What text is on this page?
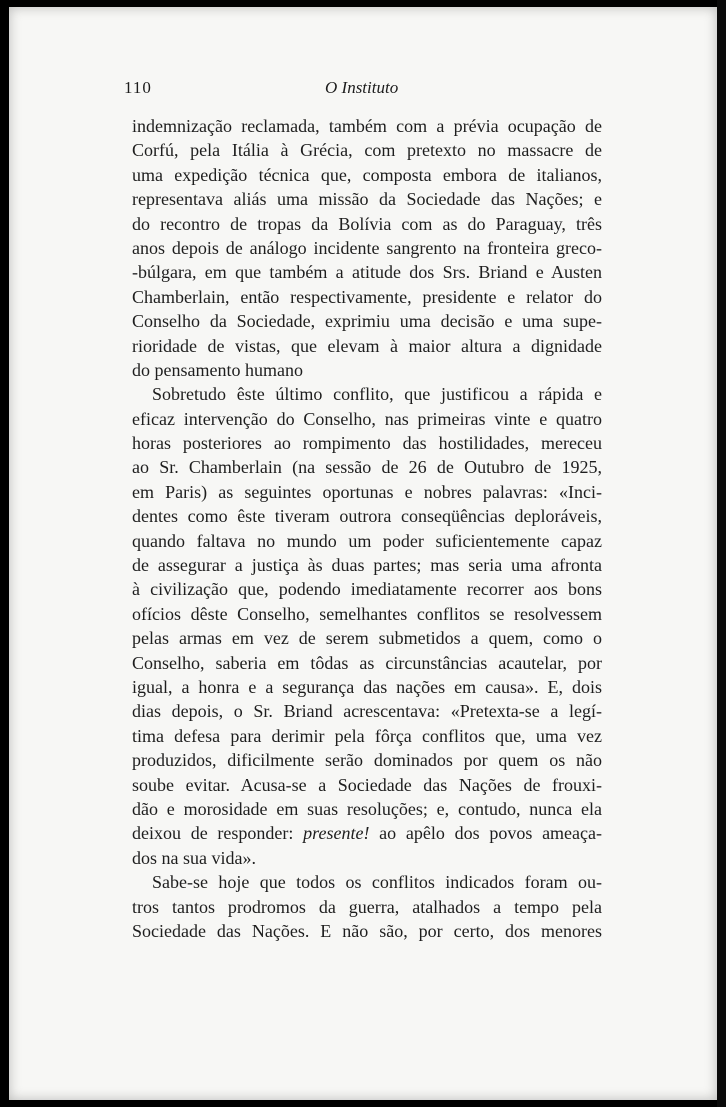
110	O Instituto
indemnização reclamada, também com a prévia ocupação de
Corfú, pela Itália à Grécia, com pretexto no massacre de
uma expedição técnica que, composta embora de italianos,
representava aliás uma missão da Sociedade das Nações; e
do recontro de tropas da Bolívia com as do Paraguay, três
anos depois de análogo incidente sangrento na fronteira greco-
-búlgara, em que também a atitude dos Srs. Briand e Austen
Chamberlain, então respectivamente, presidente e relator do
Conselho da Sociedade, exprimiu uma decisão e uma supe-
rioridade de vistas, que elevam à maior altura a dignidade
do pensamento humano
Sobretudo êste último conflito, que justificou a rápida e
eficaz intervenção do Conselho, nas primeiras vinte e quatro
horas posteriores ao rompimento das hostilidades, mereceu
ao Sr. Chamberlain (na sessão de 26 de Outubro de 1925,
em Paris) as seguintes oportunas e nobres palavras: «Inci-
dentes como êste tiveram outrora conseqüências deploráveis,
quando faltava no mundo um poder suficientemente capaz
de assegurar a justiça às duas partes; mas seria uma afronta
à civilização que, podendo imediatamente recorrer aos bons
ofícios dêste Conselho, semelhantes conflitos se resolvessem
pelas armas em vez de serem submetidos a quem, como o
Conselho, saberia em tôdas as circunstâncias acautelar, por
igual, a honra e a segurança das nações em causa». E, dois
dias depois, o Sr. Briand acrescentava: «Pretexta-se a legí-
tima defesa para derimir pela fôrça conflitos que, uma vez
produzidos, dificilmente serão dominados por quem os não
soube evitar. Acusa-se a Sociedade das Nações de frouxi-
dão e morosidade em suas resoluções; e, contudo, nunca ela
deixou de responder: presente! ao apêlo dos povos ameaça-
dos na sua vida».
Sabe-se hoje que todos os conflitos indicados foram ou-
tros tantos prodromos da guerra, atalhados a tempo pela
Sociedade das Nações. E não são, por certo, dos menores
